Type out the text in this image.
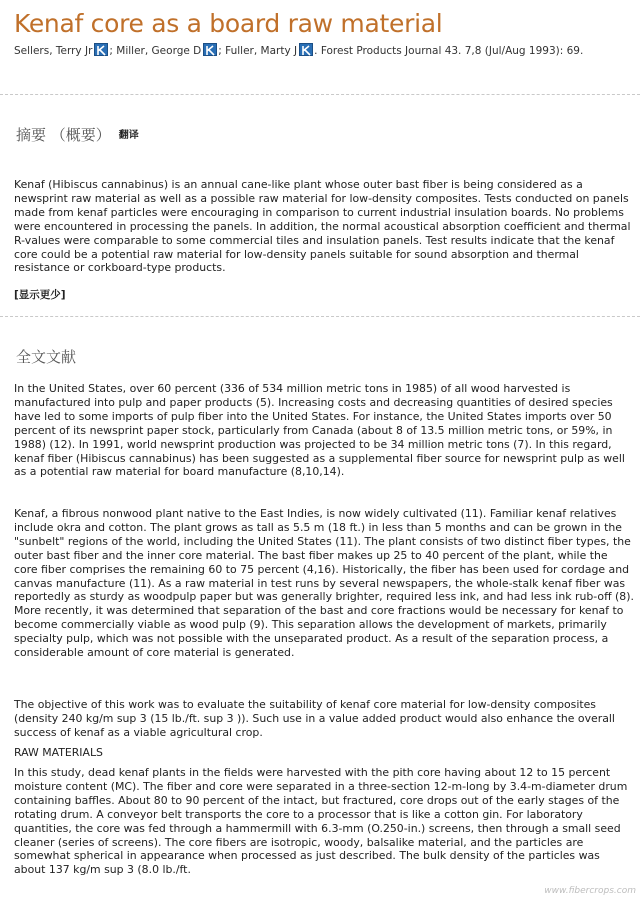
Kenaf core as a board raw material
Sellers, Terry Jr ; Miller, George D ; Fuller, Marty J . Forest Products Journal 43. 7,8 (Jul/Aug 1993): 69.
摘要 （概要） 翻译
Kenaf (Hibiscus cannabinus) is an annual cane-like plant whose outer bast fiber is being considered as a newsprint raw material as well as a possible raw material for low-density composites. Tests conducted on panels made from kenaf particles were encouraging in comparison to current industrial insulation boards. No problems were encountered in processing the panels. In addition, the normal acoustical absorption coefficient and thermal R-values were comparable to some commercial tiles and insulation panels. Test results indicate that the kenaf core could be a potential raw material for low-density panels suitable for sound absorption and thermal resistance or corkboard-type products.
[显示更少]
全文文献
In the United States, over 60 percent (336 of 534 million metric tons in 1985) of all wood harvested is manufactured into pulp and paper products (5). Increasing costs and decreasing quantities of desired species have led to some imports of pulp fiber into the United States. For instance, the United States imports over 50 percent of its newsprint paper stock, particularly from Canada (about 8 of 13.5 million metric tons, or 59%, in 1988) (12). In 1991, world newsprint production was projected to be 34 million metric tons (7). In this regard, kenaf fiber (Hibiscus cannabinus) has been suggested as a supplemental fiber source for newsprint pulp as well as a potential raw material for board manufacture (8,10,14).
Kenaf, a fibrous nonwood plant native to the East Indies, is now widely cultivated (11). Familiar kenaf relatives include okra and cotton. The plant grows as tall as 5.5 m (18 ft.) in less than 5 months and can be grown in the "sunbelt" regions of the world, including the United States (11). The plant consists of two distinct fiber types, the outer bast fiber and the inner core material. The bast fiber makes up 25 to 40 percent of the plant, while the core fiber comprises the remaining 60 to 75 percent (4,16). Historically, the fiber has been used for cordage and canvas manufacture (11). As a raw material in test runs by several newspapers, the whole-stalk kenaf fiber was reportedly as sturdy as woodpulp paper but was generally brighter, required less ink, and had less ink rub-off (8). More recently, it was determined that separation of the bast and core fractions would be necessary for kenaf to become commercially viable as wood pulp (9). This separation allows the development of markets, primarily specialty pulp, which was not possible with the unseparated product. As a result of the separation process, a considerable amount of core material is generated.
The objective of this work was to evaluate the suitability of kenaf core material for low-density composites (density 240 kg/m sup 3 (15 lb./ft. sup 3 )). Such use in a value added product would also enhance the overall success of kenaf as a viable agricultural crop.
RAW MATERIALS
In this study, dead kenaf plants in the fields were harvested with the pith core having about 12 to 15 percent moisture content (MC). The fiber and core were separated in a three-section 12-m-long by 3.4-m-diameter drum containing baffles. About 80 to 90 percent of the intact, but fractured, core drops out of the early stages of the rotating drum. A conveyor belt transports the core to a processor that is like a cotton gin. For laboratory quantities, the core was fed through a hammermill with 6.3-mm (O.250-in.) screens, then through a small seed cleaner (series of screens). The core fibers are isotropic, woody, balsalike material, and the particles are somewhat spherical in appearance when processed as just described. The bulk density of the particles was about 137 kg/m sup 3 (8.0 lb./ft.
www.fibercrops.com
